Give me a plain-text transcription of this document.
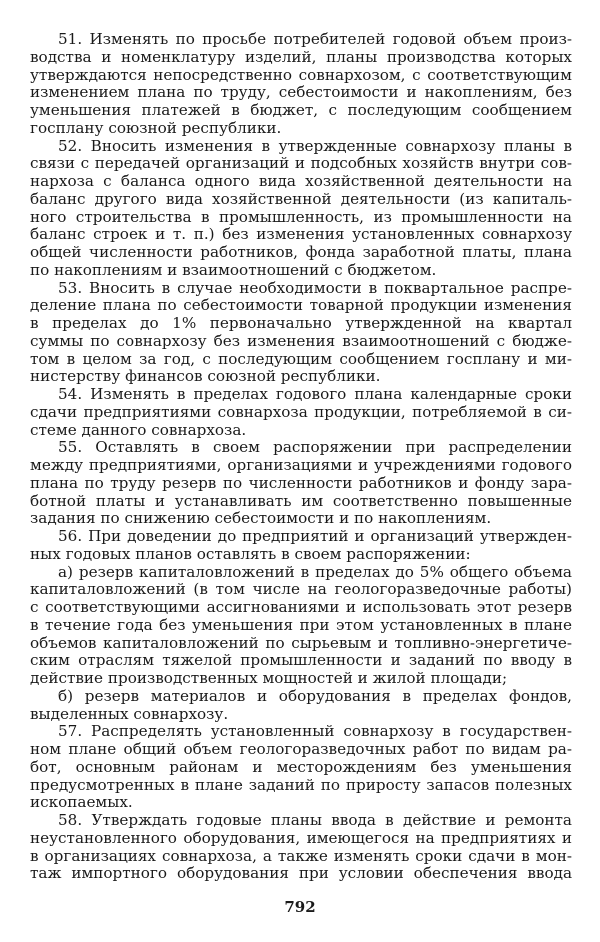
51. Изменять по просьбе потребителей годовой объем произ-
водства и номенклатуру изделий, планы производства которых
утверждаются непосредственно совнархозом, с соответствующим
изменением плана по труду, себестоимости и накоплениям, без
уменьшения платежей в бюджет, с последующим сообщением
госплану союзной республики.
52. Вносить изменения в утвержденные совнархозу планы в
связи с передачей организаций и подсобных хозяйств внутри сов-
нархоза с баланса одного вида хозяйственной деятельности на
баланс другого вида хозяйственной деятельности (из капиталь-
ного строительства в промышленность, из промышленности на
баланс строек и т. п.) без изменения установленных совнархозу
общей численности работников, фонда заработной платы, плана
по накоплениям и взаимоотношений с бюджетом.
53. Вносить в случае необходимости в поквартальное распре-
деление плана по себестоимости товарной продукции изменения
в пределах до 1% первоначально утвержденной на квартал
суммы по совнархозу без изменения взаимоотношений с бюдже-
том в целом за год, с последующим сообщением госплану и ми-
нистерству финансов союзной республики.
54. Изменять в пределах годового плана календарные сроки
сдачи предприятиями совнархоза продукции, потребляемой в си-
стеме данного совнархоза.
55. Оставлять в своем распоряжении при распределении
между предприятиями, организациями и учреждениями годового
плана по труду резерв по численности работников и фонду зара-
ботной платы и устанавливать им соответственно повышенные
задания по снижению себестоимости и по накоплениям.
56. При доведении до предприятий и организаций утвержден-
ных годовых планов оставлять в своем распоряжении:
а) резерв капиталовложений в пределах до 5% общего объема
капиталовложений (в том числе на геологоразведочные работы)
с соответствующими ассигнованиями и использовать этот резерв
в течение года без уменьшения при этом установленных в плане
объемов капиталовложений по сырьевым и топливно-энергетиче-
ским отраслям тяжелой промышленности и заданий по вводу в
действие производственных мощностей и жилой площади;
б) резерв материалов и оборудования в пределах фондов,
выделенных совнархозу.
57. Распределять установленный совнархозу в государствен-
ном плане общий объем геологоразведочных работ по видам ра-
бот, основным районам и месторождениям без уменьшения
предусмотренных в плане заданий по приросту запасов полезных
ископаемых.
58. Утверждать годовые планы ввода в действие и ремонта
неустановленного оборудования, имеющегося на предприятиях и
в организациях совнархоза, а также изменять сроки сдачи в мон-
таж импортного оборудования при условии обеспечения ввода
792
